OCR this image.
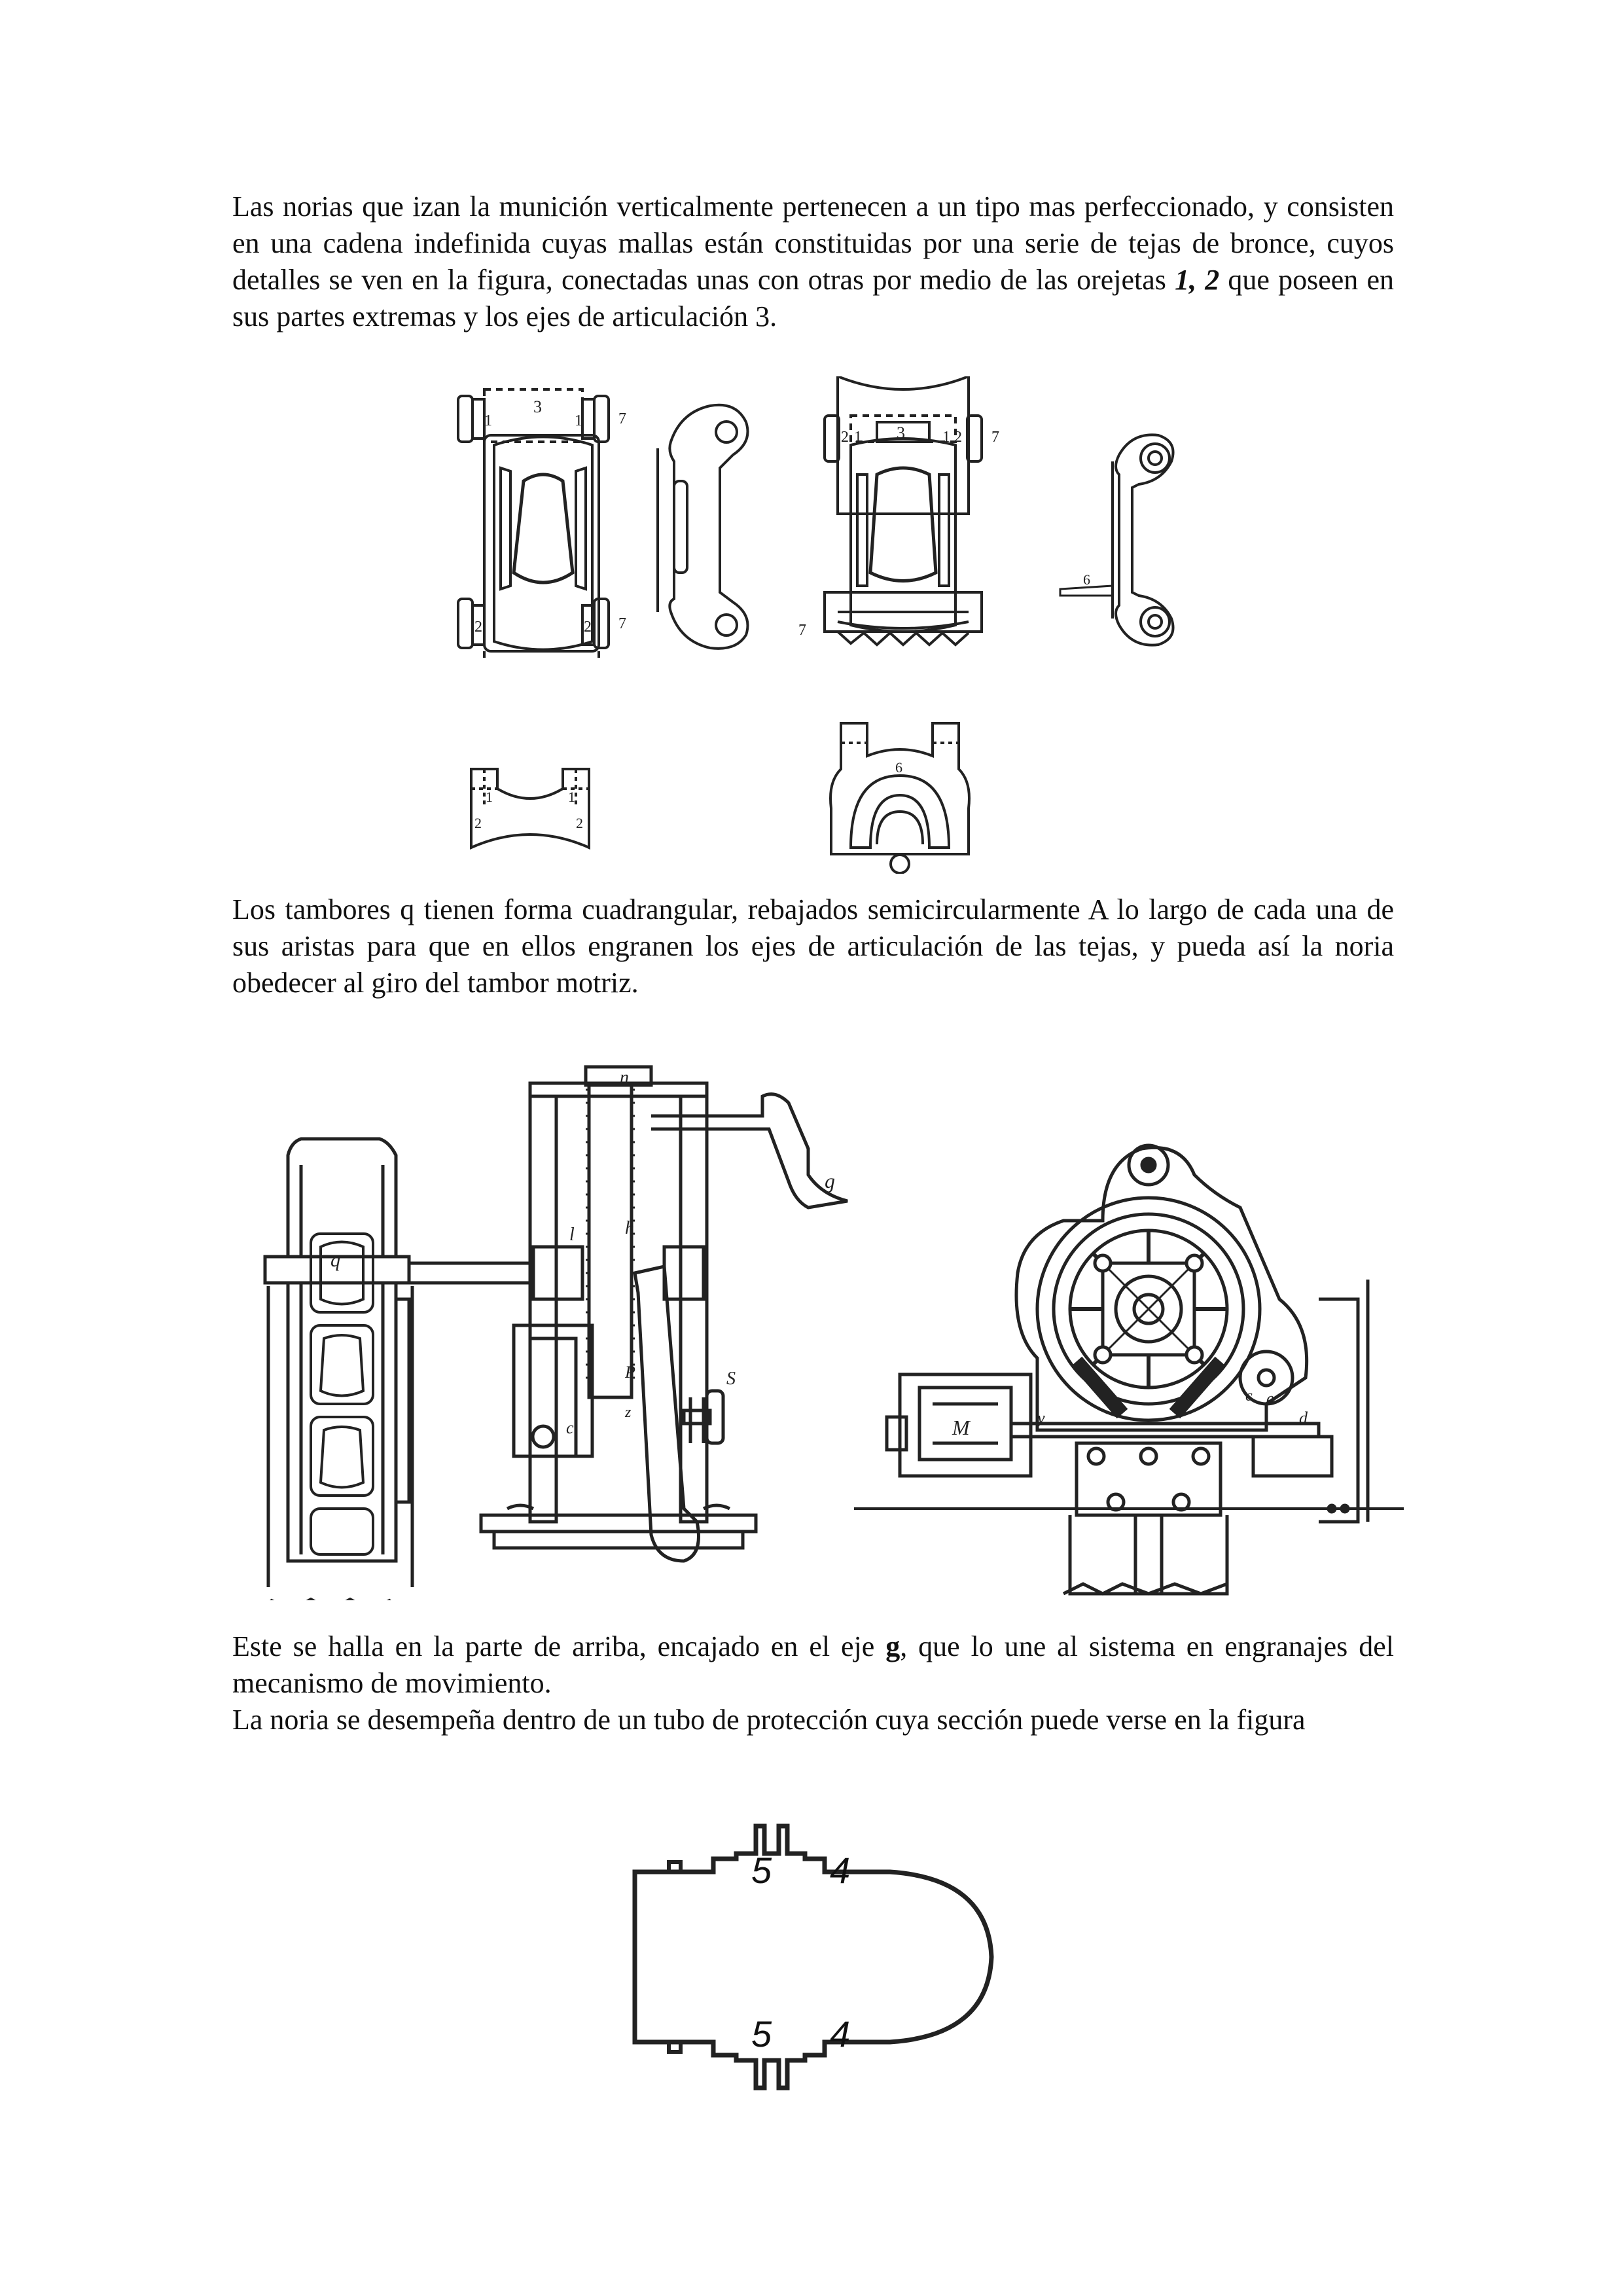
Las norias que izan la munición verticalmente pertenecen a un tipo mas perfeccionado, y consisten en una cadena indefinida cuyas mallas están constituidas por una serie de tejas de bronce, cuyos detalles se ven en la figura, conectadas unas con otras por medio de las orejetas 1, 2 que poseen en sus partes extremas y los ejes de articulación 3.

3
1	1 7
2	2 7
3
2 1	1 2 7
7
6
1
2
1
2
6

Los tambores q tienen forma cuadrangular, rebajados semicircularmente A lo largo de cada una de sus aristas para que en ellos engranen los ejes de articulación de las tejas, y pueda así la noria obedecer al giro del tambor motriz.

q
n
g
h
l
P	S
c
z
M	y
e
d
c

Este se halla en la parte de arriba, encajado en el eje g, que lo une al sistema en engranajes del mecanismo de movimiento.

La noria se desempeña dentro de un tubo de protección cuya sección puede verse en la figura

5 4
5 4
